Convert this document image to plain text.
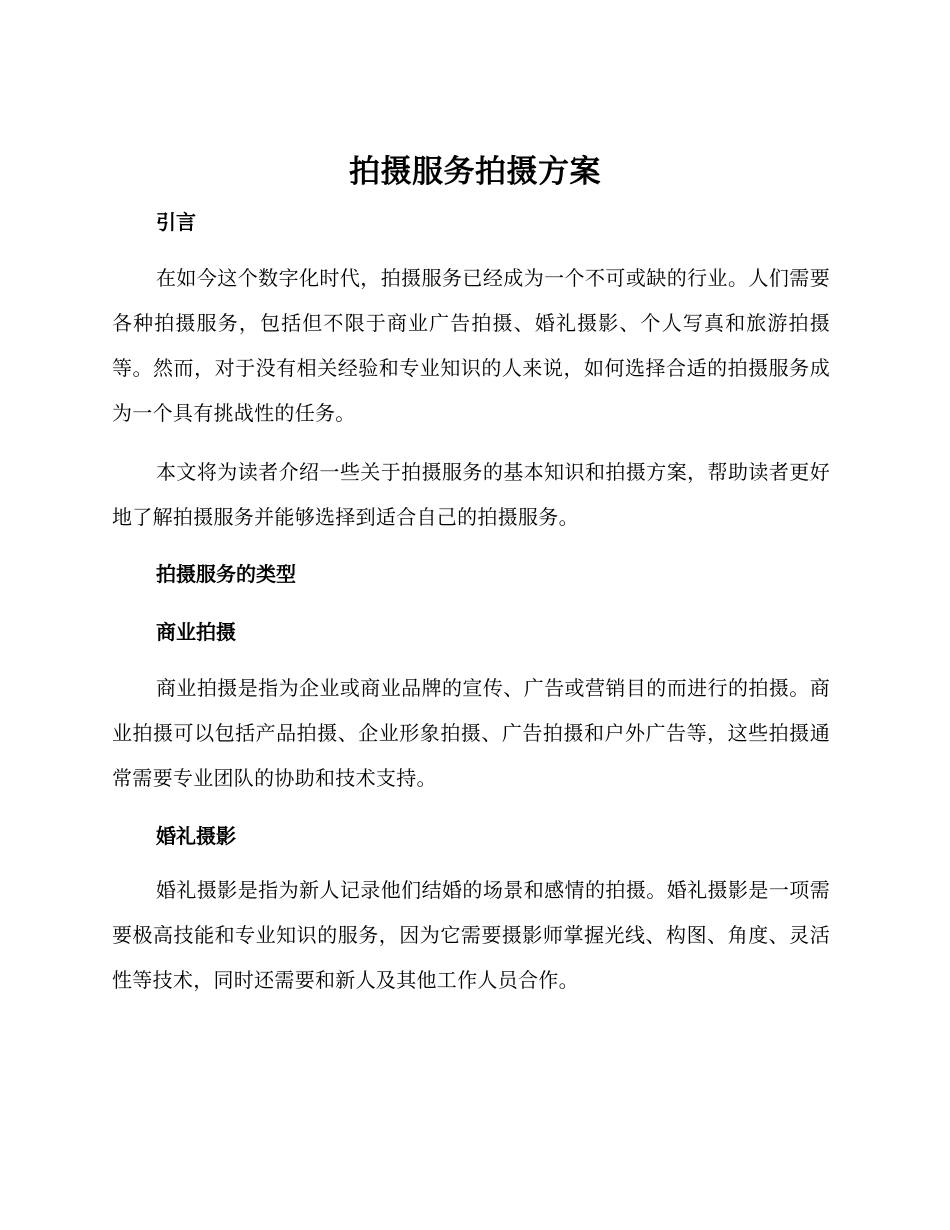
拍摄服务拍摄方案
引言

在如今这个数字化时代，拍摄服务已经成为一个不可或缺的行业。人们需要各种拍摄服务，包括但不限于商业广告拍摄、婚礼摄影、个人写真和旅游拍摄等。然而，对于没有相关经验和专业知识的人来说，如何选择合适的拍摄服务成为一个具有挑战性的任务。

本文将为读者介绍一些关于拍摄服务的基本知识和拍摄方案，帮助读者更好地了解拍摄服务并能够选择到适合自己的拍摄服务。

拍摄服务的类型
商业拍摄

商业拍摄是指为企业或商业品牌的宣传、广告或营销目的而进行的拍摄。商业拍摄可以包括产品拍摄、企业形象拍摄、广告拍摄和户外广告等，这些拍摄通常需要专业团队的协助和技术支持。

婚礼摄影

婚礼摄影是指为新人记录他们结婚的场景和感情的拍摄。婚礼摄影是一项需要极高技能和专业知识的服务，因为它需要摄影师掌握光线、构图、角度、灵活性等技术，同时还需要和新人及其他工作人员合作。
